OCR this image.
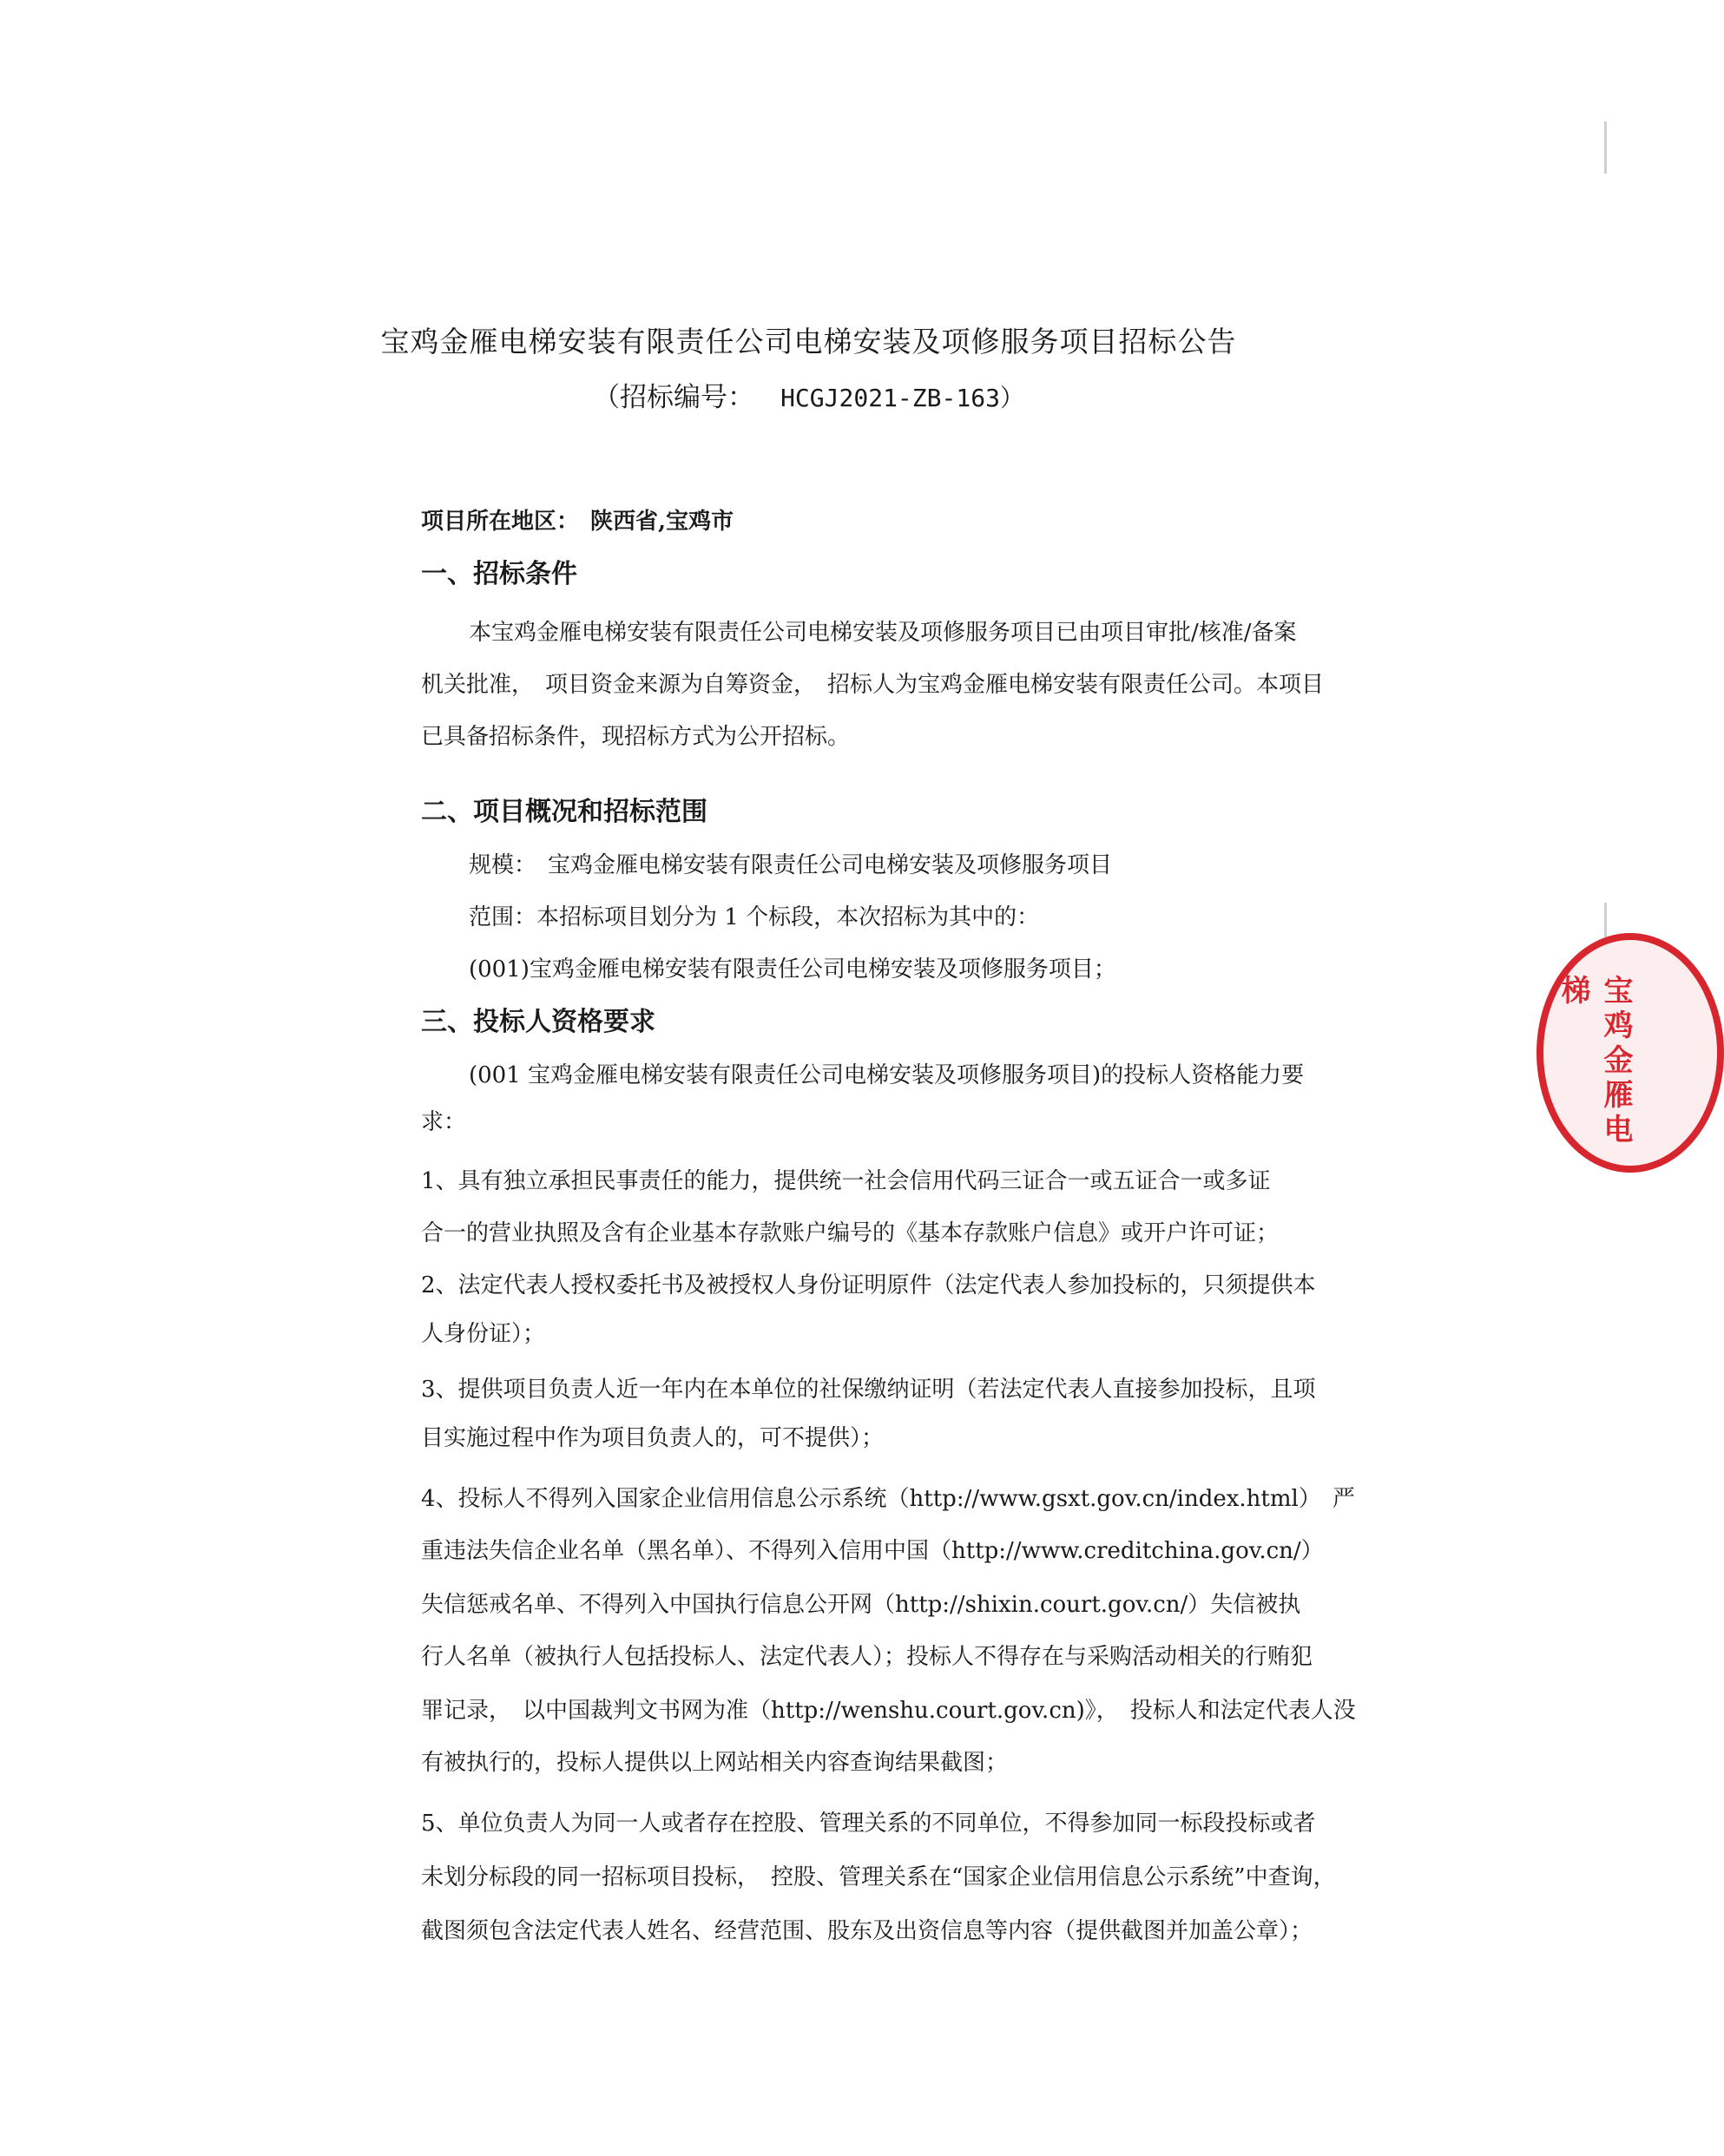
宝鸡金雁电梯安装有限责任公司电梯安装及项修服务项目招标公告
（招标编号： HCGJ2021-ZB-163）
项目所在地区：　 陕西省,宝鸡市
一、招标条件
本宝鸡金雁电梯安装有限责任公司电梯安装及项修服务项目已由项目审批/核准/备案
机关批准，　项目资金来源为自筹资金，　招标人为宝鸡金雁电梯安装有限责任公司。本项目
已具备招标条件，现招标方式为公开招标。
二、项目概况和招标范围
规模：　宝鸡金雁电梯安装有限责任公司电梯安装及项修服务项目
范围：本招标项目划分为 1 个标段，本次招标为其中的：
(001)宝鸡金雁电梯安装有限责任公司电梯安装及项修服务项目；
三、投标人资格要求
(001 宝鸡金雁电梯安装有限责任公司电梯安装及项修服务项目)的投标人资格能力要
求：
1、具有独立承担民事责任的能力，提供统一社会信用代码三证合一或五证合一或多证
合一的营业执照及含有企业基本存款账户编号的《基本存款账户信息》或开户许可证；
2、法定代表人授权委托书及被授权人身份证明原件（法定代表人参加投标的，只须提供本
人身份证）；
3、提供项目负责人近一年内在本单位的社保缴纳证明（若法定代表人直接参加投标，且项
目实施过程中作为项目负责人的，可不提供）；
4、投标人不得列入国家企业信用信息公示系统（http://www.gsxt.gov.cn/index.html）　严
重违法失信企业名单（黑名单）、不得列入信用中国（http://www.creditchina.gov.cn/）
失信惩戒名单、不得列入中国执行信息公开网（http://shixin.court.gov.cn/）失信被执
行人名单（被执行人包括投标人、法定代表人）；投标人不得存在与采购活动相关的行贿犯
罪记录，　以中国裁判文书网为准（http://wenshu.court.gov.cn)》，　投标人和法定代表人没
有被执行的，投标人提供以上网站相关内容查询结果截图；
5、单位负责人为同一人或者存在控股、管理关系的不同单位，不得参加同一标段投标或者
未划分标段的同一招标项目投标，　控股、管理关系在“国家企业信用信息公示系统”中查询，
截图须包含法定代表人姓名、经营范围、股东及出资信息等内容（提供截图并加盖公章）；
宝鸡金雁电梯
